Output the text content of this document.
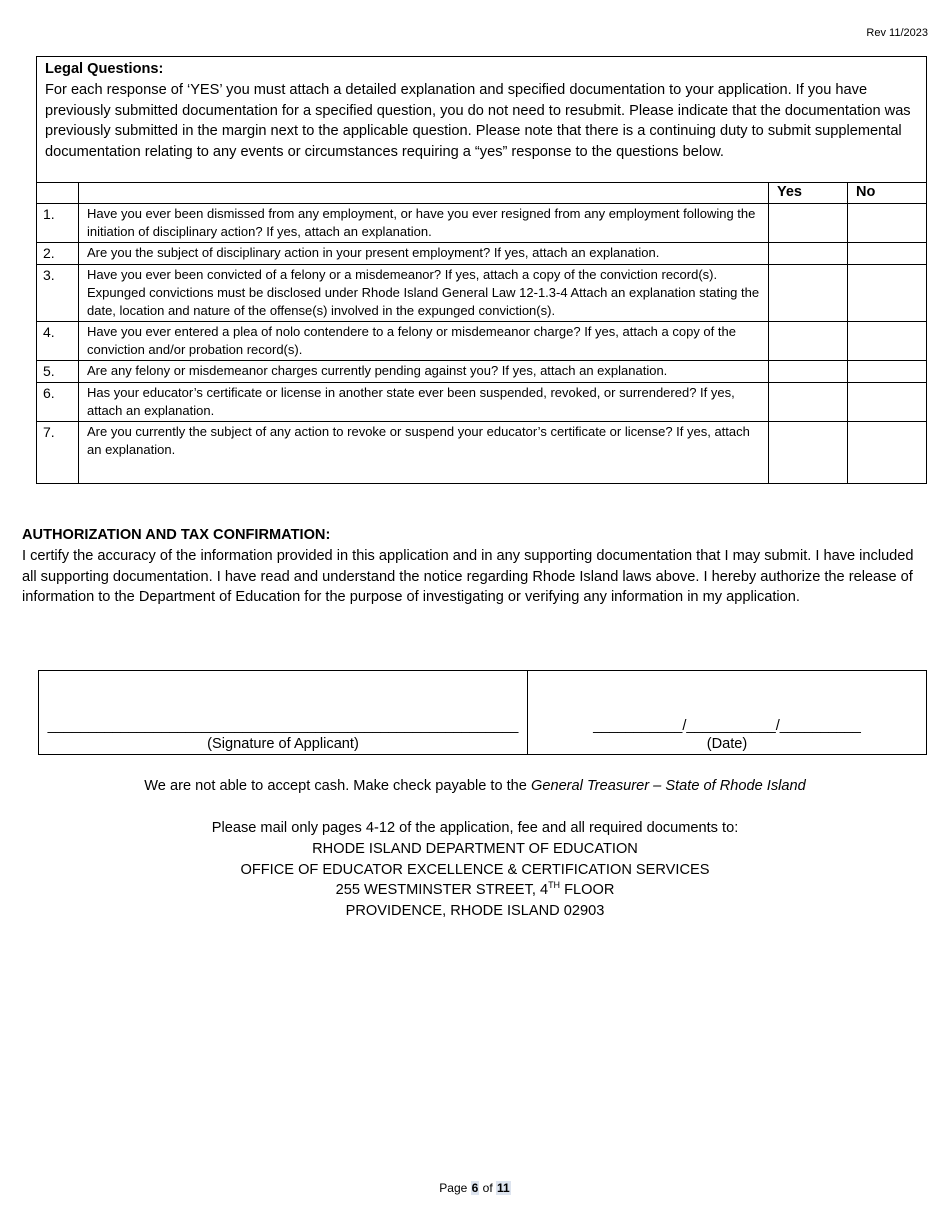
Rev 11/2023
Legal Questions:
For each response of ‘YES’ you must attach a detailed explanation and specified documentation to your application. If you have previously submitted documentation for a specified question, you do not need to resubmit. Please indicate that the documentation was previously submitted in the margin next to the applicable question. Please note that there is a continuing duty to submit supplemental documentation relating to any events or circumstances requiring a “yes” response to the questions below.			
		Yes	No
1.	Have you ever been dismissed from any employment, or have you ever resigned from any employment following the initiation of disciplinary action? If yes, attach an explanation.		
2.	Are you the subject of disciplinary action in your present employment? If yes, attach an explanation.		
3.	Have you ever been convicted of a felony or a misdemeanor? If yes, attach a copy of the conviction record(s). Expunged convictions must be disclosed under Rhode Island General Law 12-1.3-4 Attach an explanation stating the date, location and nature of the offense(s) involved in the expunged conviction(s).		
4.	Have you ever entered a plea of nolo contendere to a felony or misdemeanor charge? If yes, attach a copy of the conviction and/or probation record(s).		
5.	Are any felony or misdemeanor charges currently pending against you? If yes, attach an explanation.		
6.	Has your educator’s certificate or license in another state ever been suspended, revoked, or surrendered? If yes, attach an explanation.		
7.	Are you currently the subject of any action to revoke or suspend your educator’s certificate or license? If yes, attach an explanation.		
AUTHORIZATION AND TAX CONFIRMATION:
I certify the accuracy of the information provided in this application and in any supporting documentation that I may submit. I have included all supporting documentation. I have read and understand the notice regarding Rhode Island laws above. I hereby authorize the release of information to the Department of Education for the purpose of investigating or verifying any information in my application.
__________________________________________________________
(Signature of Applicant)

___________/___________/__________
(Date)
We are not able to accept cash. Make check payable to the General Treasurer – State of Rhode Island
Please mail only pages 4-12 of the application, fee and all required documents to:
RHODE ISLAND DEPARTMENT OF EDUCATION
OFFICE OF EDUCATOR EXCELLENCE & CERTIFICATION SERVICES
255 WESTMINSTER STREET, 4TH FLOOR
PROVIDENCE, RHODE ISLAND 02903
Page 6 of 11
